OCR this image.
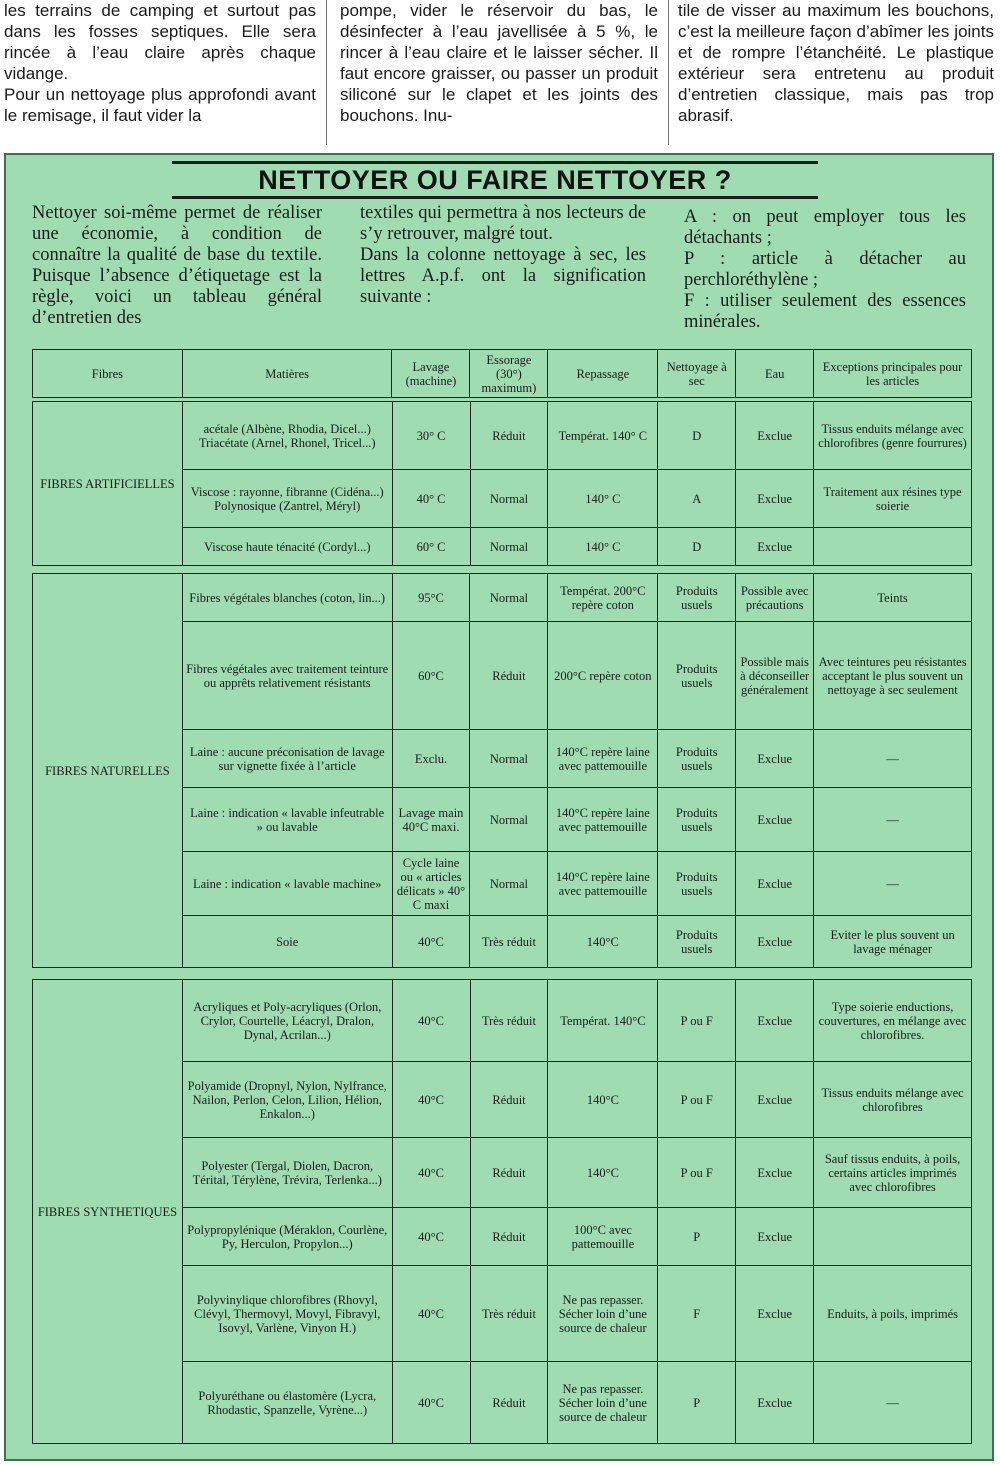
les terrains de camping et surtout pas dans les fosses septiques. Elle sera rincée à l’eau claire après chaque vidange.

Pour un nettoyage plus approfondi avant le remisage, il faut vider la

pompe, vider le réservoir du bas, le désinfecter à l’eau javellisée à 5 %, le rincer à l’eau claire et le laisser sécher. Il faut encore graisser, ou passer un produit siliconé sur le clapet et les joints des bouchons. Inu-

tile de visser au maximum les bouchons, c’est la meilleure façon d’abîmer les joints et de rompre l’étanchéité. Le plastique extérieur sera entretenu au produit d’entretien classique, mais pas trop abrasif.

NETTOYER OU FAIRE NETTOYER ?

Nettoyer soi-même permet de réaliser une économie, à condition de connaître la qualité de base du textile. Puisque l’absence d’étiquetage est la règle, voici un tableau général d’entretien des

textiles qui permettra à nos lecteurs de s’y retrouver, malgré tout.

Dans la colonne nettoyage à sec, les lettres A.p.f. ont la signification suivante :

A : on peut employer tous les détachants ;

P : article à détacher au perchloréthylène ;

F : utiliser seulement des essences minérales.

Fibres	Matières	Lavage (machine)	Essorage (30°) maximum)	Repassage	Nettoyage à sec	Eau	Exceptions principales pour les articles
FIBRES ARTIFICIELLES	acétale (Albène, Rhodia, Dicel...) Triacétate (Arnel, Rhonel, Tricel...)	30° C	Réduit	Températ. 140° C	D	Exclue	Tissus enduits mélange avec chlorofibres (genre fourrures)
	Viscose : rayonne, fibranne (Cidéna...) Polynosique (Zantrel, Méryl)	40° C	Normal	140° C	A	Exclue	Traitement aux résines type soierie
	Viscose haute ténacité (Cordyl...)	60° C	Normal	140° C	D	Exclue	
FIBRES NATURELLES	Fibres végétales blanches (coton, lin...)	95°C	Normal	Températ. 200°C repère coton	Produits usuels	Possible avec précautions	Teints
	Fibres végétales avec traitement teinture ou apprêts relativement résistants	60°C	Réduit	200°C repère coton	Produits usuels	Possible mais à déconseiller généralement	Avec teintures peu résistantes acceptant le plus souvent un nettoyage à sec seulement
	Laine : aucune préconisation de lavage sur vignette fixée à l’article	Exclu.	Normal	140°C repère laine avec pattemouille	Produits usuels	Exclue	—
	Laine : indication « lavable infeutrable » ou lavable	Lavage main 40°C maxi.	Normal	140°C repère laine avec pattemouille	Produits usuels	Exclue	—
	Laine : indication « lavable machine»	Cycle laine ou « articles délicats » 40° C maxi	Normal	140°C repère laine avec pattemouille	Produits usuels	Exclue	—
	Soie	40°C	Très réduit	140°C	Produits usuels	Exclue	Eviter le plus souvent un lavage ménager
FIBRES SYNTHETIQUES	Acryliques et Poly-acryliques (Orlon, Crylor, Courtelle, Léacryl, Dralon, Dynal, Acrilan...)	40°C	Très réduit	Températ. 140°C	P ou F	Exclue	Type soierie enductions, couvertures, en mélange avec chlorofibres.
	Polyamide (Dropnyl, Nylon, Nylfrance, Nailon, Perlon, Celon, Lilion, Hélion, Enkalon...)	40°C	Réduit	140°C	P ou F	Exclue	Tissus enduits mélange avec chlorofibres
	Polyester (Tergal, Diolen, Dacron, Térital, Térylène, Trévira, Terlenka...)	40°C	Réduit	140°C	P ou F	Exclue	Sauf tissus enduits, à poils, certains articles imprimés avec chlorofibres
	Polypropylénique (Méraklon, Courlène, Py, Herculon, Propylon...)	40°C	Réduit	100°C avec pattemouille	P	Exclue	
	Polyvinylique chlorofibres (Rhovyl, Clévyl, Thermovyl, Movyl, Fibravyl, Isovyl, Varlène, Vinyon H.)	40°C	Très réduit	Ne pas repasser. Sécher loin d’une source de chaleur	F	Exclue	Enduits, à poils, imprimés
	Polyuréthane ou élastomère (Lycra, Rhodastic, Spanzelle, Vyrène...)	40°C	Réduit	Ne pas repasser. Sécher loin d’une source de chaleur	P	Exclue	—
